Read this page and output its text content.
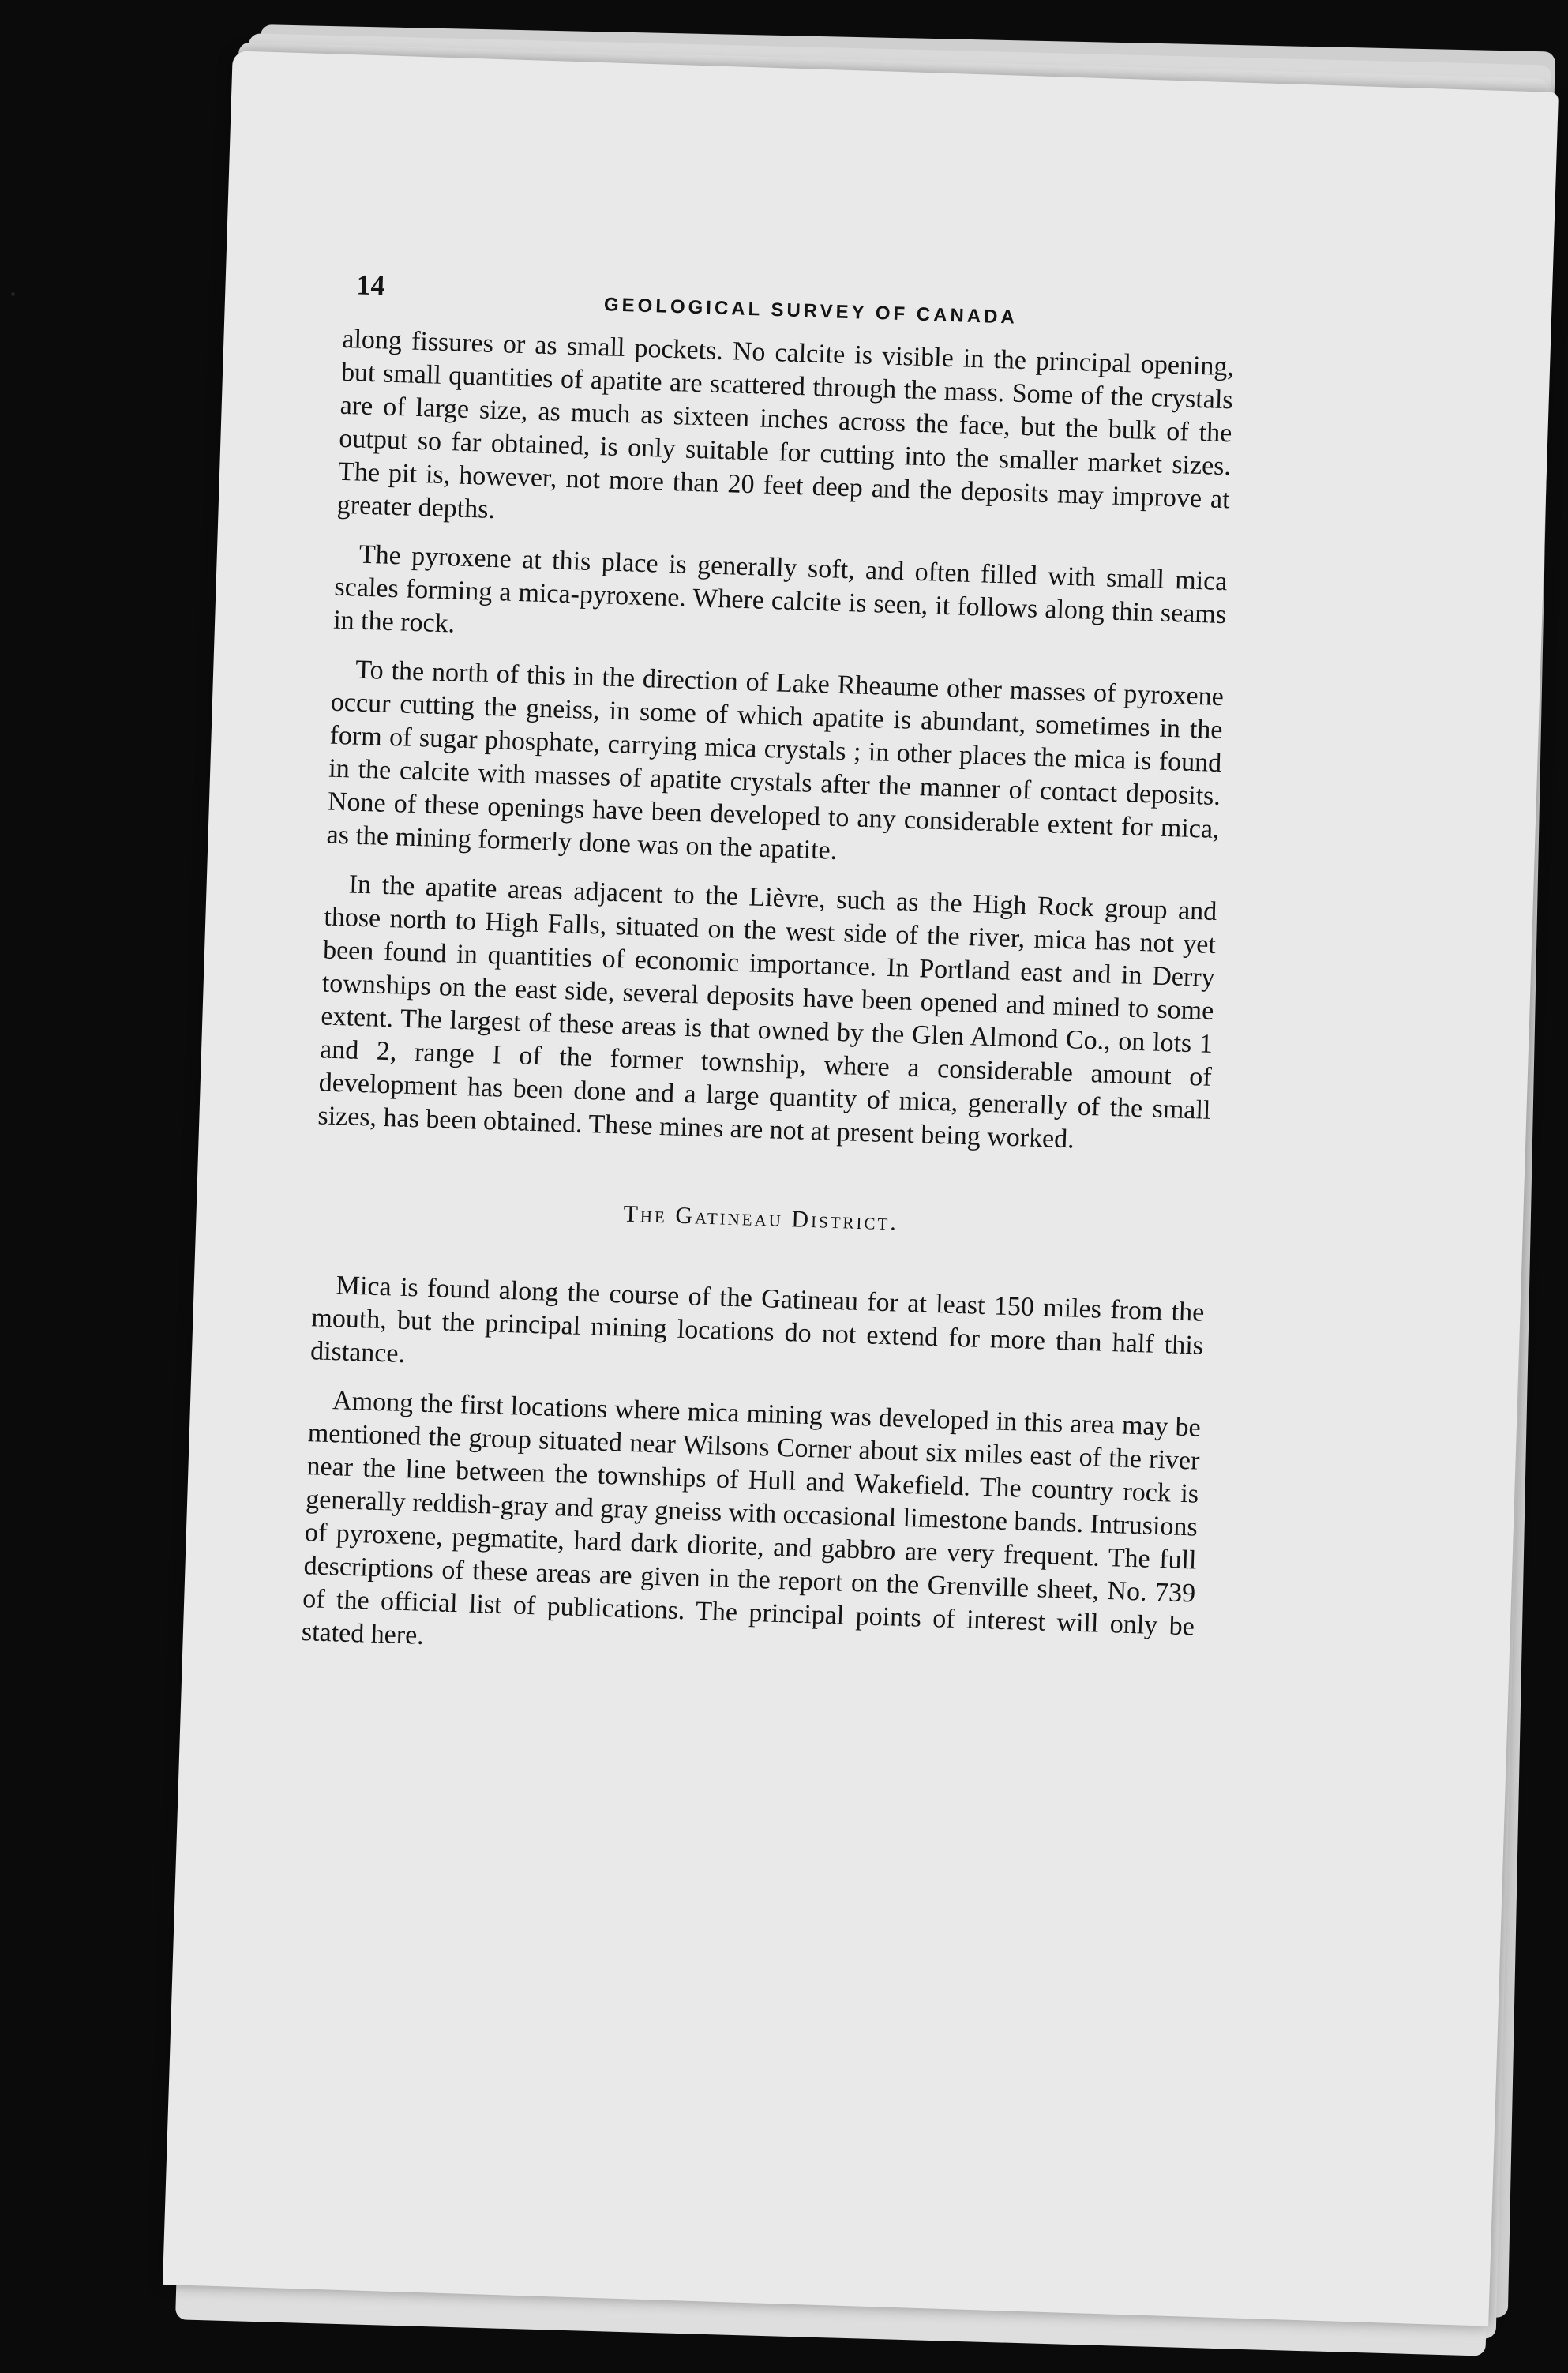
14
GEOLOGICAL SURVEY OF CANADA

along fissures or as small pockets. No calcite is visible in the principal opening, but small quantities of apatite are scattered through the mass. Some of the crystals are of large size, as much as sixteen inches across the face, but the bulk of the output so far obtained, is only suitable for cutting into the smaller market sizes. The pit is, however, not more than 20 feet deep and the deposits may improve at greater depths.

The pyroxene at this place is generally soft, and often filled with small mica scales forming a mica-pyroxene. Where calcite is seen, it follows along thin seams in the rock.

To the north of this in the direction of Lake Rheaume other masses of pyroxene occur cutting the gneiss, in some of which apatite is abundant, sometimes in the form of sugar phosphate, carrying mica crystals ; in other places the mica is found in the calcite with masses of apatite crystals after the manner of contact deposits. None of these openings have been developed to any considerable extent for mica, as the mining formerly done was on the apatite.

In the apatite areas adjacent to the Lièvre, such as the High Rock group and those north to High Falls, situated on the west side of the river, mica has not yet been found in quantities of economic importance. In Portland east and in Derry townships on the east side, several deposits have been opened and mined to some extent. The largest of these areas is that owned by the Glen Almond Co., on lots 1 and 2, range I of the former township, where a considerable amount of development has been done and a large quantity of mica, generally of the small sizes, has been obtained. These mines are not at present being worked.

The Gatineau District.

Mica is found along the course of the Gatineau for at least 150 miles from the mouth, but the principal mining locations do not extend for more than half this distance.

Among the first locations where mica mining was developed in this area may be mentioned the group situated near Wilsons Corner about six miles east of the river near the line between the townships of Hull and Wakefield. The country rock is generally reddish-gray and gray gneiss with occasional limestone bands. Intrusions of pyroxene, pegmatite, hard dark diorite, and gabbro are very frequent. The full descriptions of these areas are given in the report on the Grenville sheet, No. 739 of the official list of publications. The principal points of interest will only be stated here.
